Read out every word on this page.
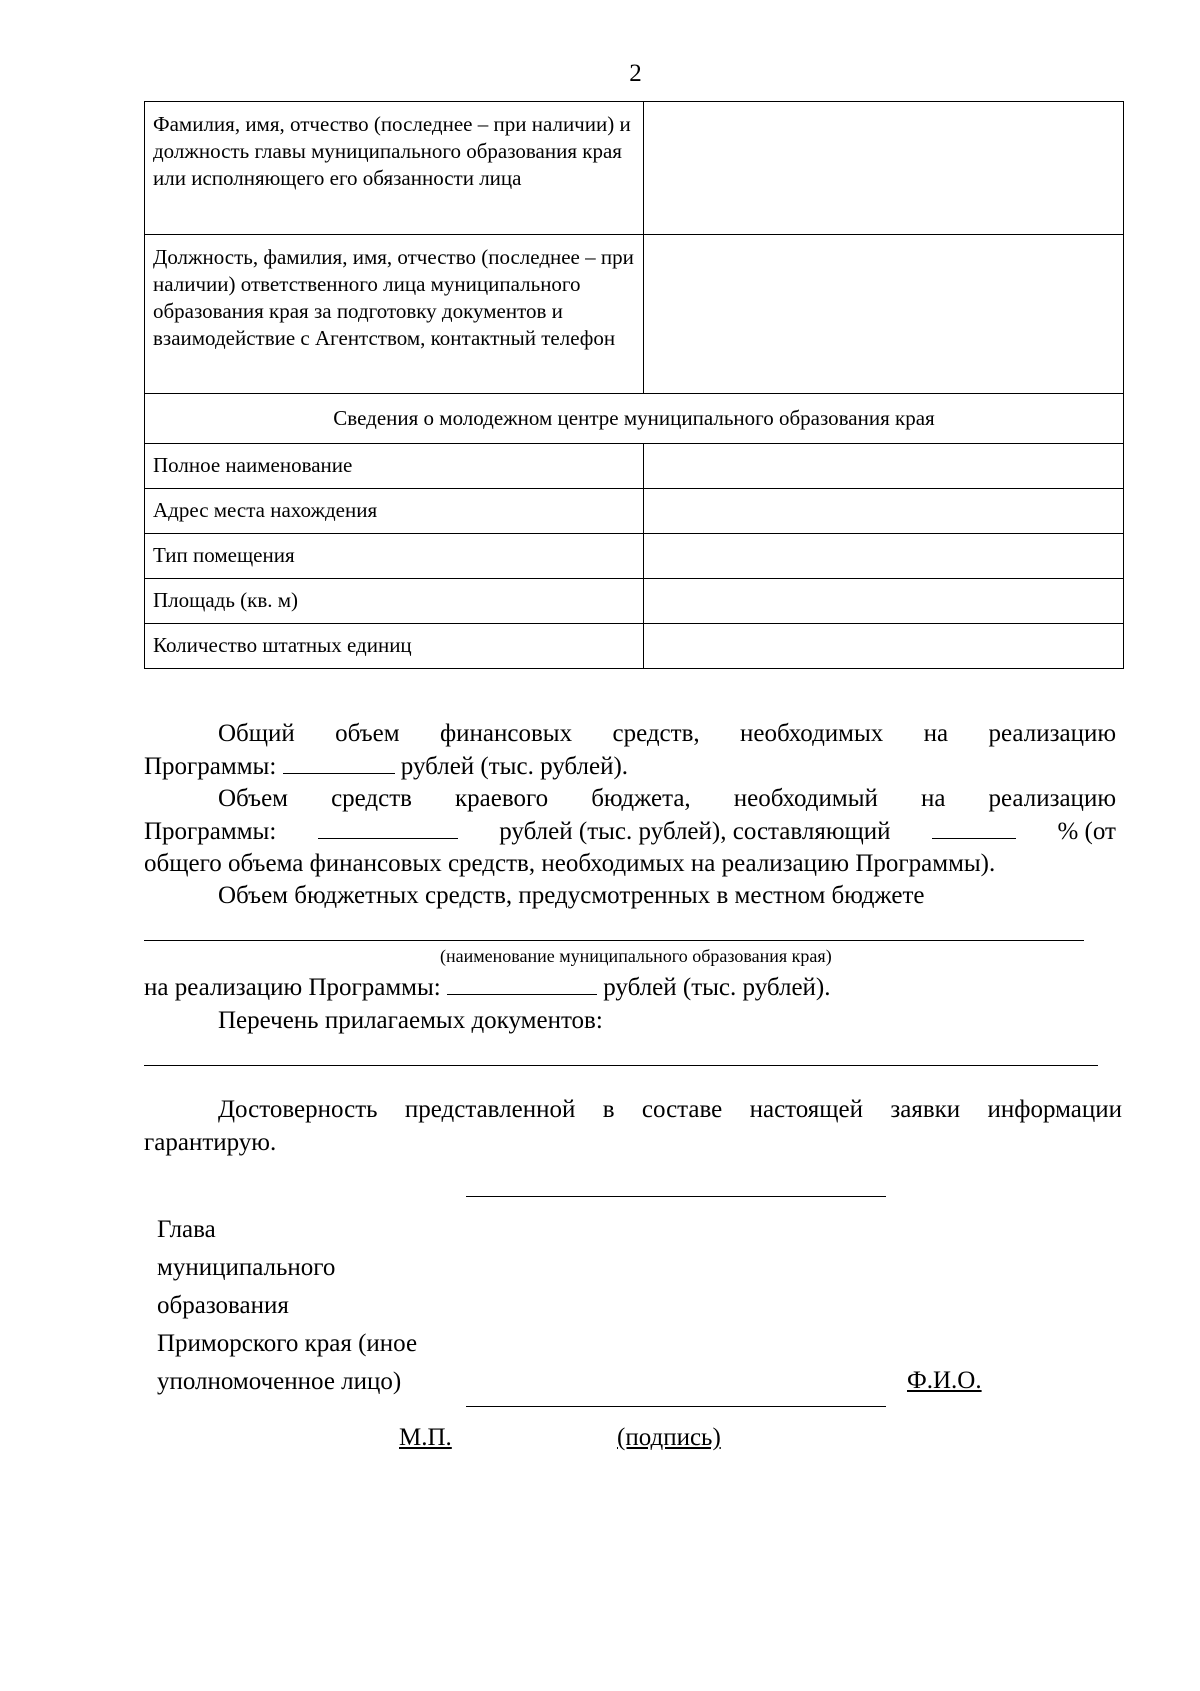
2
Фамилия, имя, отчество (последнее – при наличии) и должность главы муниципального образования края или исполняющего его обязанности лица	
Должность, фамилия, имя, отчество (последнее – при наличии) ответственного лица муниципального образования края за подготовку документов и взаимодействие с Агентством, контактный телефон	
Сведения о молодежном центре муниципального образования края	
Полное наименование	
Адрес места нахождения	
Тип помещения	
Площадь (кв. м)	
Количество штатных единиц	
Общий объем финансовых средств, необходимых на реализацию
Программы:	рублей (тыс. рублей).
Объем средств краевого бюджета, необходимый на реализацию
Программы:	рублей (тыс. рублей), составляющий	% (от
общего объема финансовых средств, необходимых на реализацию Программы).
Объем бюджетных средств, предусмотренных в местном бюджете
(наименование муниципального образования края)
на реализацию Программы:	рублей (тыс. рублей).
Перечень прилагаемых документов:
Достоверность представленной в составе настоящей заявки информации
гарантирую.
Глава
муниципального
образования
Приморского края (иное
уполномоченное лицо)	Ф.И.О.
М.П.	(подпись)
